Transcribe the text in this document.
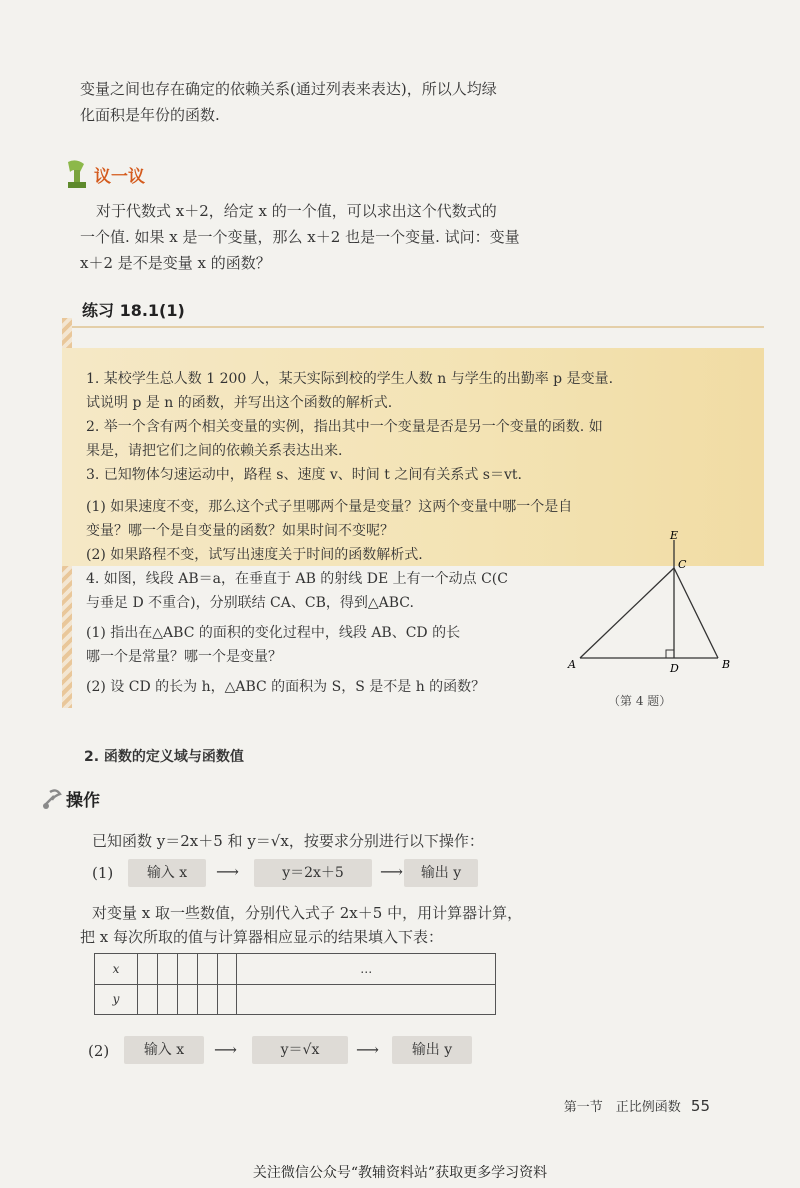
变量之间也存在确定的依赖关系(通过列表来表达)，所以人均绿
化面积是年份的函数.
议一议
对于代数式 x＋2，给定 x 的一个值，可以求出这个代数式的
一个值. 如果 x 是一个变量，那么 x＋2 也是一个变量. 试问：变量
x＋2 是不是变量 x 的函数？
练习 18.1(1)
1. 某校学生总人数 1 200 人，某天实际到校的学生人数 n 与学生的出勤率 p 是变量.
试说明 p 是 n 的函数，并写出这个函数的解析式.
2. 举一个含有两个相关变量的实例，指出其中一个变量是否是另一个变量的函数. 如
果是，请把它们之间的依赖关系表达出来.
3. 已知物体匀速运动中，路程 s、速度 v、时间 t 之间有关系式 s＝vt.
(1) 如果速度不变，那么这个式子里哪两个量是变量？这两个变量中哪一个是自
变量？哪一个是自变量的函数？如果时间不变呢？
(2) 如果路程不变，试写出速度关于时间的函数解析式.
4. 如图，线段 AB＝a，在垂直于 AB 的射线 DE 上有一个动点 C(C
与垂足 D 不重合)，分别联结 CA、CB，得到△ABC.
(1) 指出在△ABC 的面积的变化过程中，线段 AB、CD 的长
哪一个是常量？哪一个是变量？
(2) 设 CD 的长为 h，△ABC 的面积为 S，S 是不是 h 的函数？
E
C
A	D	B
（第 4 题）
2. 函数的定义域与函数值
操作
已知函数 y＝2x＋5 和 y＝√x，按要求分别进行以下操作：
(1)	输入 x	⟶	y＝2x＋5	⟶	输出 y
对变量 x 取一些数值，分别代入式子 2x＋5 中，用计算器计算，
把 x 每次所取的值与计算器相应显示的结果填入下表：
x						…
y						
(2)	输入 x	⟶	y＝√x	⟶	输出 y
第一节　正比例函数 55
关注微信公众号“教辅资料站”获取更多学习资料
